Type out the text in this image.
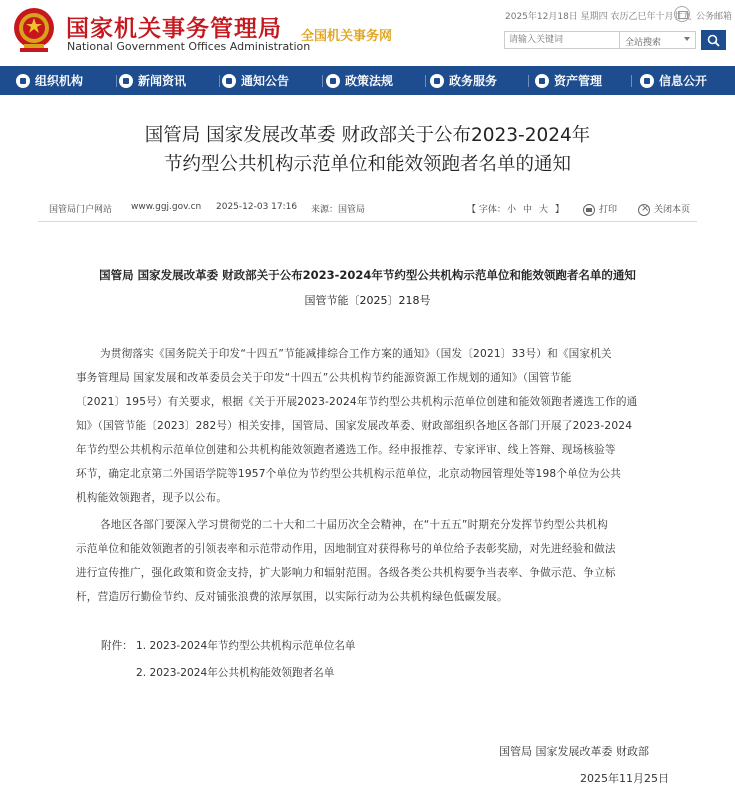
国家机关事务管理局
National Government Offices Administration
全国机关事务网
2025年12月18日 星期四 农历乙巳年十月廿九 公务邮箱
请输入关键词
全站搜索
组织机构	新闻资讯	通知公告	政策法规	政务服务	资产管理	信息公开
国管局 国家发展改革委 财政部关于公布2023-2024年
节约型公共机构示范单位和能效领跑者名单的通知
国管局门户网站 www.ggj.gov.cn 2025-12-03 17:16 来源：国管局	【 字体： 小 中 大 】	打印
×	关闭本页
国管局 国家发展改革委 财政部关于公布2023-2024年节约型公共机构示范单位和能效领跑者名单的通知
国管节能〔2025〕218号
为贯彻落实《国务院关于印发“十四五”节能减排综合工作方案的通知》（国发〔2021〕33号）和《国家机关
事务管理局 国家发展和改革委员会关于印发“十四五”公共机构节约能源资源工作规划的通知》（国管节能
〔2021〕195号）有关要求，根据《关于开展2023-2024年节约型公共机构示范单位创建和能效领跑者遴选工作的通
知》（国管节能〔2023〕282号）相关安排，国管局、国家发展改革委、财政部组织各地区各部门开展了2023-2024
年节约型公共机构示范单位创建和公共机构能效领跑者遴选工作。经申报推荐、专家评审、线上答辩、现场核验等
环节，确定北京第二外国语学院等1957个单位为节约型公共机构示范单位，北京动物园管理处等198个单位为公共
机构能效领跑者，现予以公布。
各地区各部门要深入学习贯彻党的二十大和二十届历次全会精神，在“十五五”时期充分发挥节约型公共机构
示范单位和能效领跑者的引领表率和示范带动作用，因地制宜对获得称号的单位给予表彰奖励，对先进经验和做法
进行宣传推广，强化政策和资金支持，扩大影响力和辐射范围。各级各类公共机构要争当表率、争做示范、争立标
杆，营造厉行勤俭节约、反对铺张浪费的浓厚氛围，以实际行动为公共机构绿色低碳发展。
附件： 1. 2023-2024年节约型公共机构示范单位名单
2. 2023-2024年公共机构能效领跑者名单
国管局 国家发展改革委 财政部
2025年11月25日
